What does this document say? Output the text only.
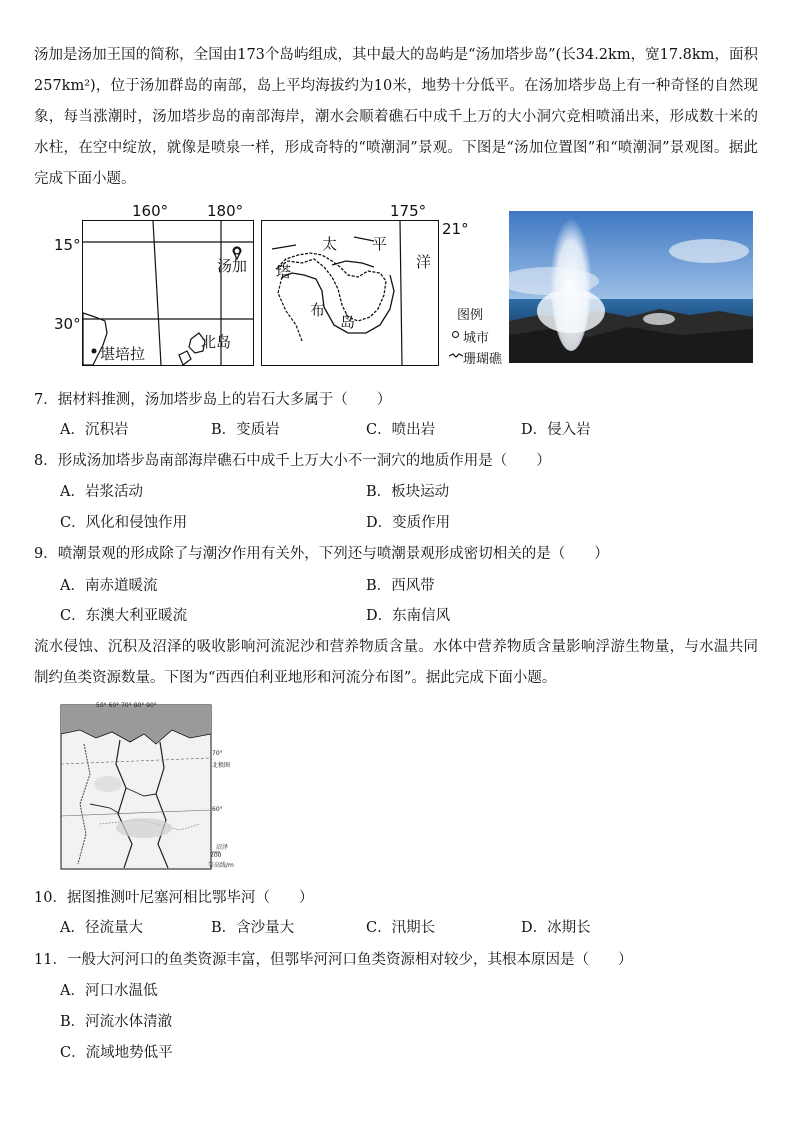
汤加是汤加王国的简称，全国由173个岛屿组成，其中最大的岛屿是“汤加塔步岛”(长34.2km，宽17.8km，面积257km²)，位于汤加群岛的南部，岛上平均海拔约为10米，地势十分低平。在汤加塔步岛上有一种奇怪的自然现象，每当涨潮时，汤加塔步岛的南部海岸，潮水会顺着礁石中成千上万的大小洞穴竞相喷涌出来，形成数十米的水柱，在空中绽放，就像是喷泉一样，形成奇特的“喷潮洞”景观。下图是“汤加位置图”和“喷潮洞”景观图。据此完成下面小题。

160°	180°
15°
30°
汤加
堪培拉
北岛
175°
21°
太 平
洋
塔
布
岛	图例
城市
珊瑚礁

7．据材料推测，汤加塔步岛上的岩石大多属于（　　）

A．沉积岩	B．变质岩	C．喷出岩	D．侵入岩

8．形成汤加塔步岛南部海岸礁石中成千上万大小不一洞穴的地质作用是（　　）

A．岩浆活动	B．板块运动
C．风化和侵蚀作用	D．变质作用

9．喷潮景观的形成除了与潮汐作用有关外，下列还与喷潮景观形成密切相关的是（　　）

A．南赤道暖流	B．西风带
C．东澳大利亚暖流	D．东南信风

流水侵蚀、沉积及沼泽的吸收影响河流泥沙和营养物质含量。水体中营养物质含量影响浮游生物量，与水温共同制约鱼类资源数量。下图为“西西伯利亚地形和河流分布图”。据此完成下面小题。

50° 60° 70° 80° 90°
70°
60°
北极圈
沼泽
等高线/m
200

10．据图推测叶尼塞河相比鄂毕河（　　）

A．径流量大	B．含沙量大	C．汛期长	D．冰期长

11．一般大河河口的鱼类资源丰富，但鄂毕河河口鱼类资源相对较少，其根本原因是（　　）

A．河口水温低
B．河流水体清澈
C．流域地势低平
